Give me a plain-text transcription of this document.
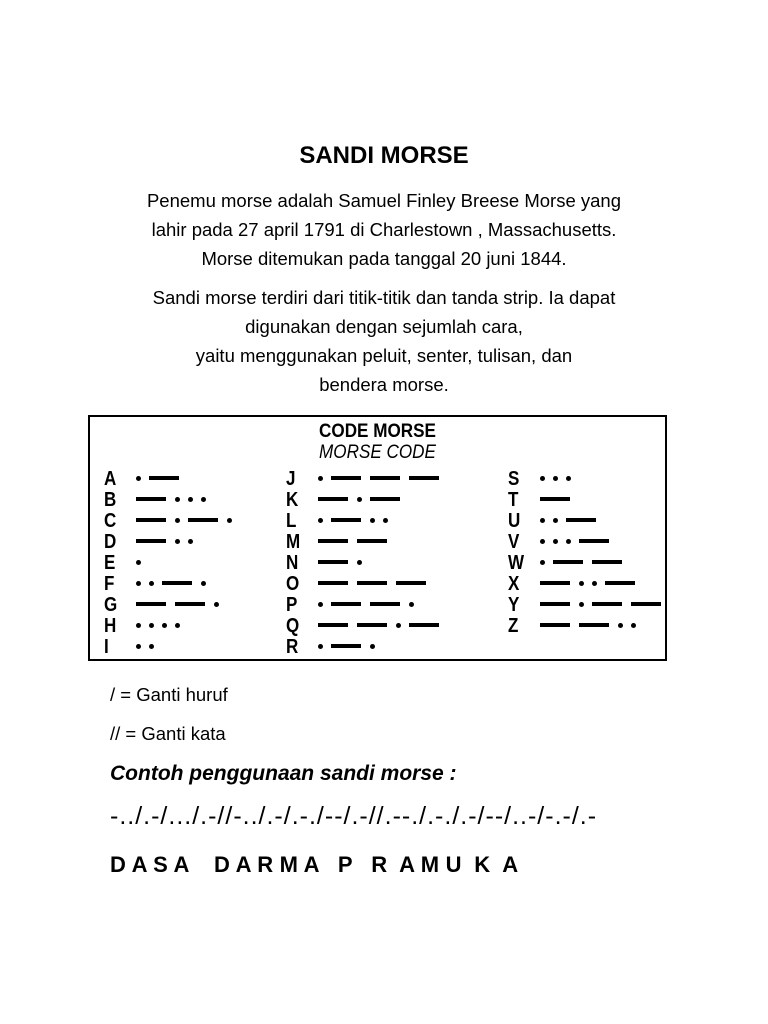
SANDI MORSE
Penemu morse adalah Samuel Finley Breese Morse yang
lahir pada 27 april 1791 di Charlestown , Massachusetts.
Morse ditemukan pada tanggal 20 juni 1844.
Sandi morse terdiri dari titik-titik dan tanda strip. Ia dapat
digunakan dengan sejumlah cara,
yaitu menggunakan peluit, senter, tulisan, dan
bendera morse.
CODE MORSE
MORSE CODE
A
B
C
D
E
F
G
H
I
J
K
L
M
N
O
P
Q
R
S
T
U
V
W
X
Y
Z
/ = Ganti huruf
// = Ganti kata
Contoh penggunaan sandi morse :
-../.-/.../.-//-../.-/.-./--/.-//.--./.-./.-/--/..-/-.-/.-
D A S A    D A R M A   P   R  A M U  K  A
